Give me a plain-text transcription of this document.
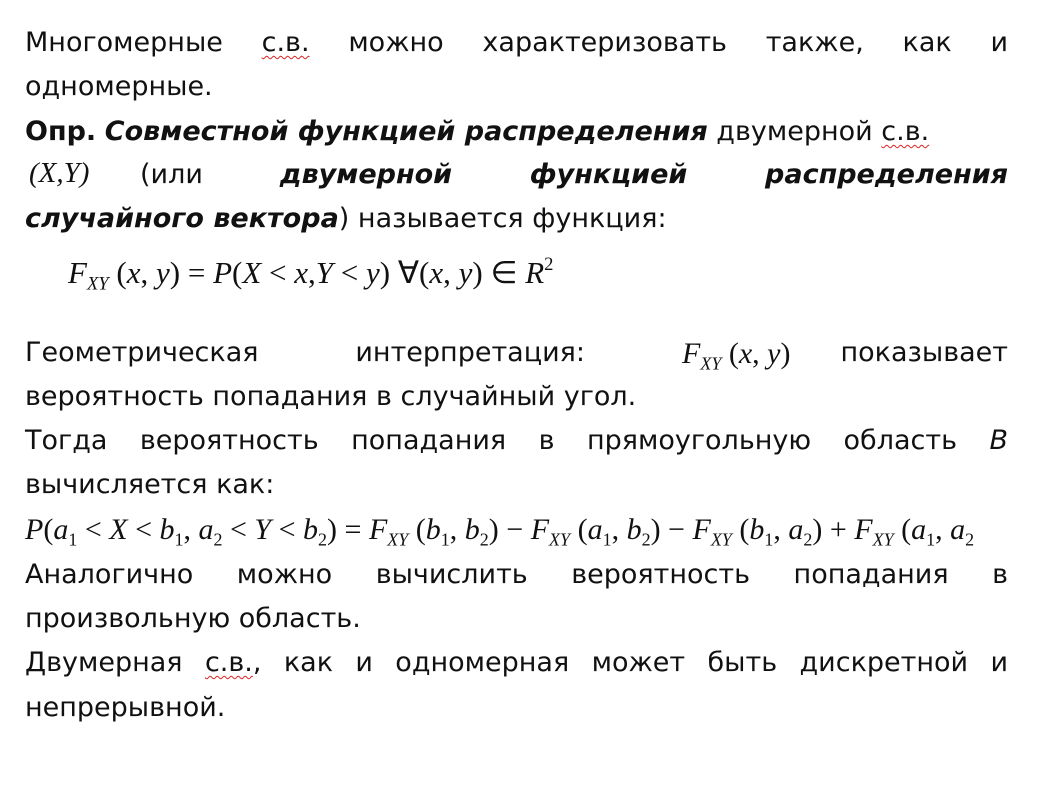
Многомерные с.в. можно характеризовать также, как и
одномерные.
Опр. Совместной функцией распределения двумерной с.в.
(X,Y) (или	двумерной функцией распределения
случайного вектора) называется функция:
$F_{XY}$ (x, y) = P(X < x,Y < y) ∀(x, y) ∈ $R^2$
Геометрическая интерпретация:	$F_{XY}$ (x, y)	показывает
вероятность попадания в случайный угол.
Тогда вероятность попадания в прямоугольную область B
вычисляется как:
$P(a_1 < X < b_1$, $a_2 < Y < b_2) = F_{XY}$ ($b_1$, $b_2) - F_{XY}$ ($a_1$, $b_2) - F_{XY}$ ($b_1$, $a_2) + F_{XY}$ ($a_1$, $a_2$
Аналогично можно вычислить вероятность попадания в
произвольную область.
Двумерная с.в., как и одномерная может быть дискретной и
непрерывной.
